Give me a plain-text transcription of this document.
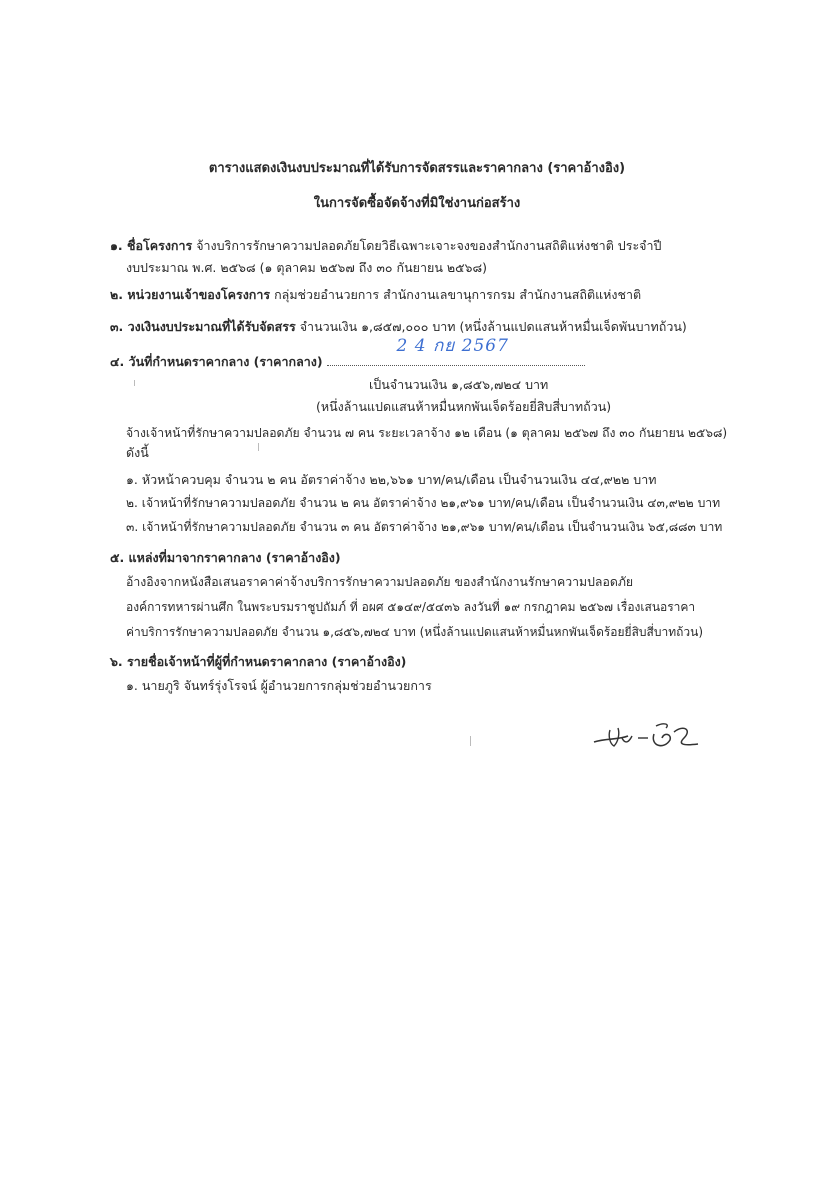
ตารางแสดงเงินงบประมาณที่ได้รับการจัดสรรและราคากลาง (ราคาอ้างอิง)
ในการจัดซื้อจัดจ้างที่มิใช่งานก่อสร้าง
๑. ชื่อโครงการ จ้างบริการรักษาความปลอดภัยโดยวิธีเฉพาะเจาะจงของสำนักงานสถิติแห่งชาติ ประจำปี
งบประมาณ พ.ศ. ๒๕๖๘ (๑ ตุลาคม ๒๕๖๗ ถึง ๓๐ กันยายน ๒๕๖๘)
๒. หน่วยงานเจ้าของโครงการ กลุ่มช่วยอำนวยการ สำนักงานเลขานุการกรม สำนักงานสถิติแห่งชาติ
๓. วงเงินงบประมาณที่ได้รับจัดสรร จำนวนเงิน ๑,๘๕๗,๐๐๐ บาท (หนึ่งล้านแปดแสนห้าหมื่นเจ็ดพันบาทถ้วน)
๔. วันที่กำหนดราคากลาง (ราคากลาง)
2 4 กย 2567
เป็นจำนวนเงิน ๑,๘๕๖,๗๒๔ บาท
(หนึ่งล้านแปดแสนห้าหมื่นหกพันเจ็ดร้อยยี่สิบสี่บาทถ้วน)
จ้างเจ้าหน้าที่รักษาความปลอดภัย จำนวน ๗ คน ระยะเวลาจ้าง ๑๒ เดือน (๑ ตุลาคม ๒๕๖๗ ถึง ๓๐ กันยายน ๒๕๖๘)
ดังนี้
๑. หัวหน้าควบคุม จำนวน ๒ คน อัตราค่าจ้าง ๒๒,๖๖๑ บาท/คน/เดือน เป็นจำนวนเงิน ๔๔,๙๒๒ บาท
๒. เจ้าหน้าที่รักษาความปลอดภัย จำนวน ๒ คน อัตราค่าจ้าง ๒๑,๙๖๑ บาท/คน/เดือน เป็นจำนวนเงิน ๔๓,๙๒๒ บาท
๓. เจ้าหน้าที่รักษาความปลอดภัย จำนวน ๓ คน อัตราค่าจ้าง ๒๑,๙๖๑ บาท/คน/เดือน เป็นจำนวนเงิน ๖๕,๘๘๓ บาท
๕. แหล่งที่มาจากราคากลาง (ราคาอ้างอิง)
อ้างอิงจากหนังสือเสนอราคาค่าจ้างบริการรักษาความปลอดภัย ของสำนักงานรักษาความปลอดภัย
องค์การทหารผ่านศึก ในพระบรมราชูปถัมภ์ ที่ อผศ ๕๑๔๙/๕๔๓๖ ลงวันที่ ๑๙ กรกฎาคม ๒๕๖๗ เรื่องเสนอราคา
ค่าบริการรักษาความปลอดภัย จำนวน ๑,๘๕๖,๗๒๔ บาท (หนึ่งล้านแปดแสนห้าหมื่นหกพันเจ็ดร้อยยี่สิบสี่บาทถ้วน)
๖. รายชื่อเจ้าหน้าที่ผู้ที่กำหนดราคากลาง (ราคาอ้างอิง)
๑. นายภูริ จันทร์รุ่งโรจน์ ผู้อำนวยการกลุ่มช่วยอำนวยการ
